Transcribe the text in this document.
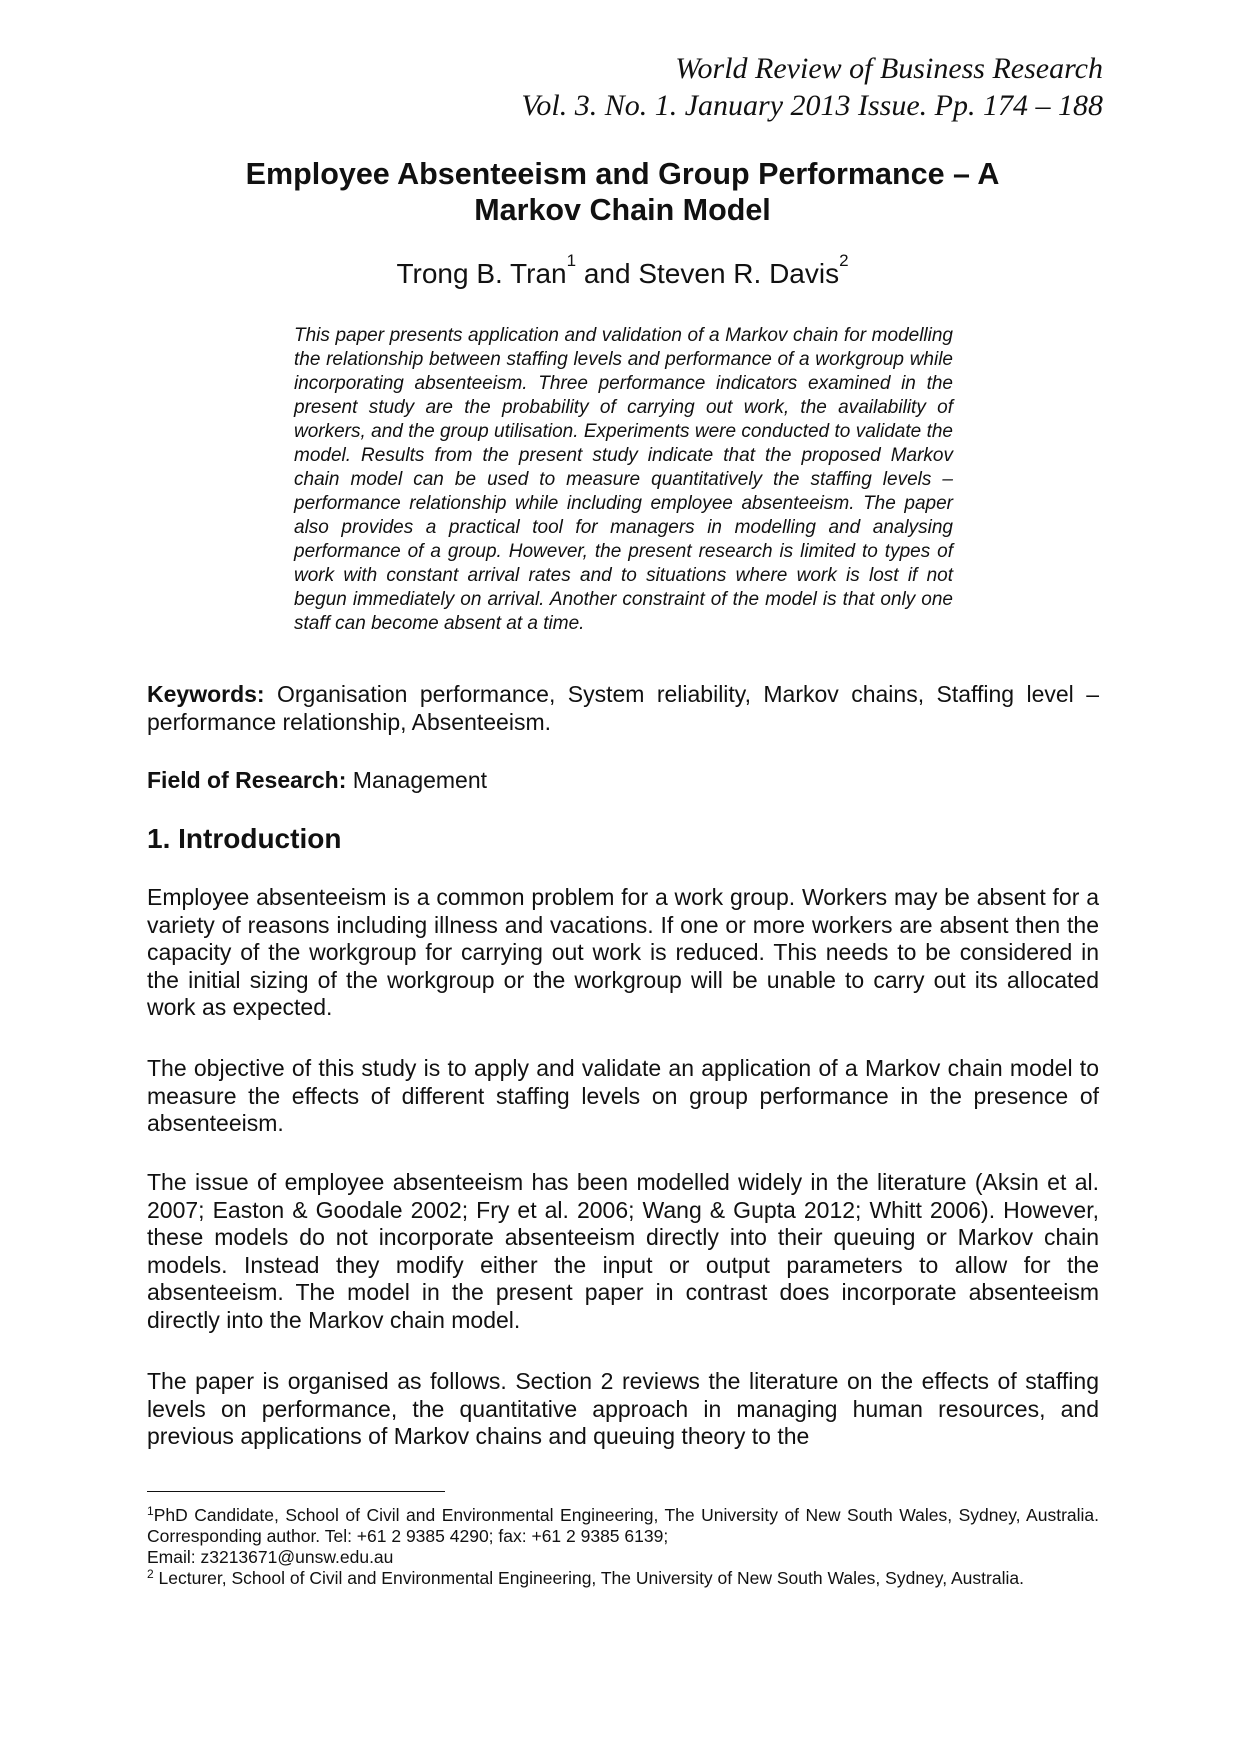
World Review of Business Research
Vol. 3. No. 1. January 2013 Issue. Pp. 174 – 188
Employee Absenteeism and Group Performance – A
Markov Chain Model
Trong B. Tran$^1$ and Steven R. Davis$^2$

This paper presents application and validation of a Markov chain for modelling the relationship between staffing levels and performance of a workgroup while incorporating absenteeism. Three performance indicators examined in the present study are the probability of carrying out work, the availability of workers, and the group utilisation. Experiments were conducted to validate the model. Results from the present study indicate that the proposed Markov chain model can be used to measure quantitatively the staffing levels – performance relationship while including employee absenteeism. The paper also provides a practical tool for managers in modelling and analysing performance of a group. However, the present research is limited to types of work with constant arrival rates and to situations where work is lost if not begun immediately on arrival. Another constraint of the model is that only one staff can become absent at a time.

Keywords: Organisation performance, System reliability, Markov chains, Staffing level – performance relationship, Absenteeism.

Field of Research: Management

1. Introduction

Employee absenteeism is a common problem for a work group. Workers may be absent for a variety of reasons including illness and vacations. If one or more workers are absent then the capacity of the workgroup for carrying out work is reduced. This needs to be considered in the initial sizing of the workgroup or the workgroup will be unable to carry out its allocated work as expected.

The objective of this study is to apply and validate an application of a Markov chain model to measure the effects of different staffing levels on group performance in the presence of absenteeism.

The issue of employee absenteeism has been modelled widely in the literature (Aksin et al. 2007; Easton & Goodale 2002; Fry et al. 2006; Wang & Gupta 2012; Whitt 2006). However, these models do not incorporate absenteeism directly into their queuing or Markov chain models. Instead they modify either the input or output parameters to allow for the absenteeism. The model in the present paper in contrast does incorporate absenteeism directly into the Markov chain model.

The paper is organised as follows. Section 2 reviews the literature on the effects of staffing levels on performance, the quantitative approach in managing human resources, and previous applications of Markov chains and queuing theory to the

$^1$PhD Candidate, School of Civil and Environmental Engineering, The University of New South Wales, Sydney, Australia. Corresponding author. Tel: +61 2 9385 4290; fax: +61 2 9385 6139;
Email: z3213671@unsw.edu.au

$^2$ Lecturer, School of Civil and Environmental Engineering, The University of New South Wales, Sydney, Australia.
